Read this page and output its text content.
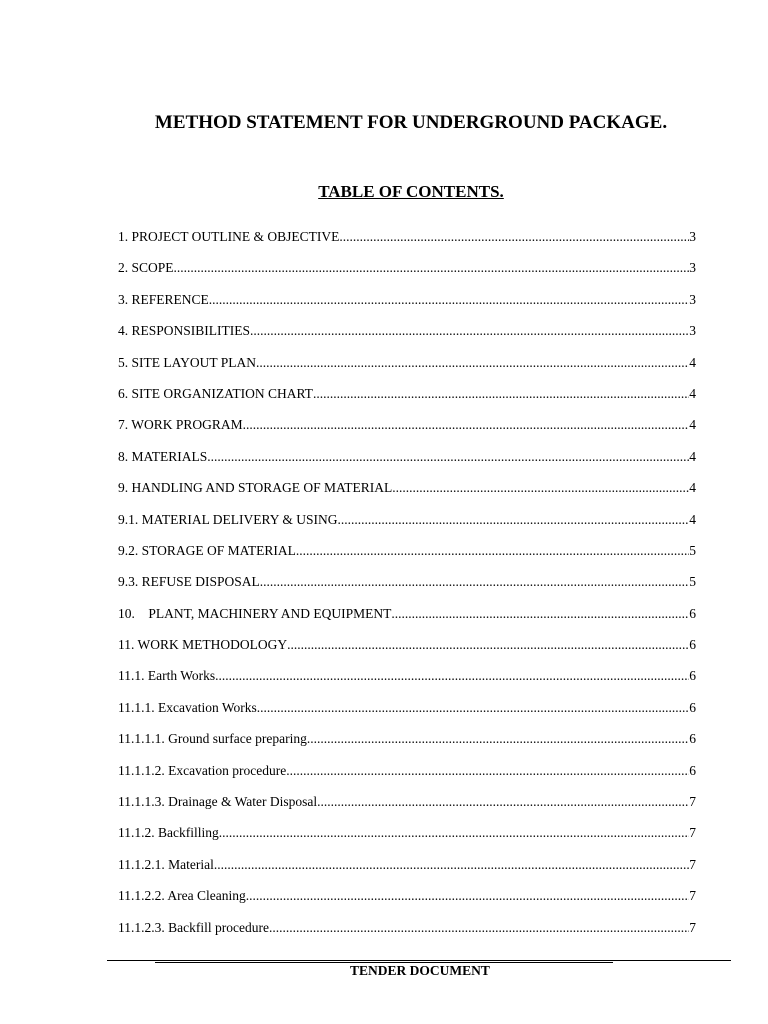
METHOD STATEMENT FOR UNDERGROUND PACKAGE.
TABLE OF CONTENTS.
1. PROJECT OUTLINE & OBJECTIVE .....	3
2. SCOPE .....	3
3. REFERENCE .....	3
4. RESPONSIBILITIES .....	3
5. SITE LAYOUT PLAN .....	4
6. SITE ORGANIZATION CHART .....	4
7. WORK PROGRAM .....	4
8. MATERIALS .....	4
9. HANDLING AND STORAGE OF MATERIAL .....	4
9.1. MATERIAL DELIVERY & USING .....	4
9.2. STORAGE OF MATERIAL .....	5
9.3. REFUSE DISPOSAL .....	5
10.    PLANT, MACHINERY AND EQUIPMENT .....	6
11. WORK METHODOLOGY .....	6
11.1. Earth Works .....	6
11.1.1. Excavation Works .....	6
11.1.1.1. Ground surface preparing .....	6
11.1.1.2. Excavation procedure .....	6
11.1.1.3. Drainage & Water Disposal .....	7
11.1.2. Backfilling .....	7
11.1.2.1. Material .....	7
11.1.2.2. Area Cleaning .....	7
11.1.2.3. Backfill procedure .....	7
TENDER DOCUMENT
